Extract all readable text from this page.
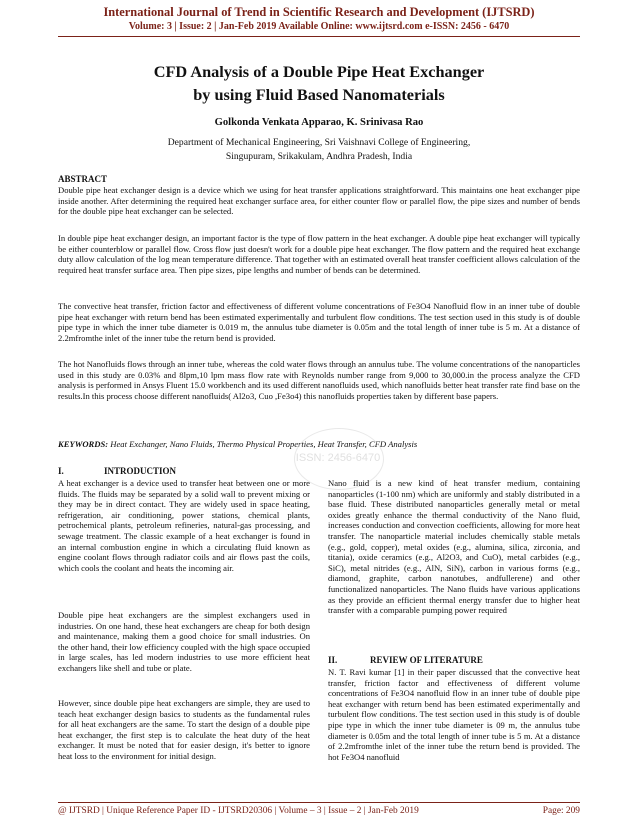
International Journal of Trend in Scientific Research and Development (IJTSRD)
Volume: 3 | Issue: 2 | Jan-Feb 2019 Available Online: www.ijtsrd.com e-ISSN: 2456 - 6470
CFD Analysis of a Double Pipe Heat Exchanger
by using Fluid Based Nanomaterials
Golkonda Venkata Apparao, K. Srinivasa Rao
Department of Mechanical Engineering, Sri Vaishnavi College of Engineering,
Singupuram, Srikakulam, Andhra Pradesh, India
ABSTRACT

Double pipe heat exchanger design is a device which we using for heat transfer applications straightforward. This maintains one heat exchanger pipe inside another. After determining the required heat exchanger surface area, for either counter flow or parallel flow, the pipe sizes and number of bends for the double pipe heat exchanger can be selected.

In double pipe heat exchanger design, an important factor is the type of flow pattern in the heat exchanger. A double pipe heat exchanger will typically be either counterblow or parallel flow. Cross flow just doesn't work for a double pipe heat exchanger. The flow pattern and the required heat exchange duty allow calculation of the log mean temperature difference. That together with an estimated overall heat transfer coefficient allows calculation of the required heat transfer surface area. Then pipe sizes, pipe lengths and number of bends can be determined.

The convective heat transfer, friction factor and effectiveness of different volume concentrations of Fe3O4 Nanofluid flow in an inner tube of double pipe heat exchanger with return bend has been estimated experimentally and turbulent flow conditions. The test section used in this study is of double pipe type in which the inner tube diameter is 0.019 m, the annulus tube diameter is 0.05m and the total length of inner tube is 5 m. At a distance of 2.2mfromthe inlet of the inner tube the return bend is provided.

The hot Nanofluids flows through an inner tube, whereas the cold water flows through an annulus tube. The volume concentrations of the nanoparticles used in this study are 0.03% and 8lpm,10 lpm mass flow rate with Reynolds number range from 9,000 to 30,000.in the process analyze the CFD analysis is performed in Ansys Fluent 15.0 workbench and its used different nanofluids used, which nanofluids better heat transfer rate find base on the results.In this process choose different nanofluids( Al2o3, Cuo ,Fe3o4) this nanofluids properties taken by different base papers.

KEYWORDS: Heat Exchanger, Nano Fluids, Thermo Physical Properties, Heat Transfer, CFD Analysis
ISSN: 2456-6470
I.	INTRODUCTION

A heat exchanger is a device used to transfer heat between one or more fluids. The fluids may be separated by a solid wall to prevent mixing or they may be in direct contact. They are widely used in space heating, refrigeration, air conditioning, power stations, chemical plants, petrochemical plants, petroleum refineries, natural-gas processing, and sewage treatment. The classic example of a heat exchanger is found in an internal combustion engine in which a circulating fluid known as engine coolant flows through radiator coils and air flows past the coils, which cools the coolant and heats the incoming air.

Double pipe heat exchangers are the simplest exchangers used in industries. On one hand, these heat exchangers are cheap for both design and maintenance, making them a good choice for small industries. On the other hand, their low efficiency coupled with the high space occupied in large scales, has led modern industries to use more efficient heat exchangers like shell and tube or plate.

However, since double pipe heat exchangers are simple, they are used to teach heat exchanger design basics to students as the fundamental rules for all heat exchangers are the same. To start the design of a double pipe heat exchanger, the first step is to calculate the heat duty of the heat exchanger. It must be noted that for easier design, it's better to ignore heat loss to the environment for initial design.

Nano fluid is a new kind of heat transfer medium, containing nanoparticles (1-100 nm) which are uniformly and stably distributed in a base fluid. These distributed nanoparticles generally metal or metal oxides greatly enhance the thermal conductivity of the Nano fluid, increases conduction and convection coefficients, allowing for more heat transfer. The nanoparticle material includes chemically stable metals (e.g., gold, copper), metal oxides (e.g., alumina, silica, zirconia, and titania), oxide ceramics (e.g., Al2O3, and CuO), metal carbides (e.g., SiC), metal nitrides (e.g., AlN, SiN), carbon in various forms (e.g., diamond, graphite, carbon nanotubes, andfullerene) and other functionalized nanoparticles. The Nano fluids have various applications as they provide an efficient thermal energy transfer due to higher heat transfer with a comparable pumping power required

II.	REVIEW OF LITERATURE

N. T. Ravi kumar [1] in their paper discussed that the convective heat transfer, friction factor and effectiveness of different volume concentrations of Fe3O4 nanofluid flow in an inner tube of double pipe heat exchanger with return bend has been estimated experimentally and turbulent flow conditions. The test section used in this study is of double pipe type in which the inner tube diameter is 09 m, the annulus tube diameter is 0.05m and the total length of inner tube is 5 m. At a distance of 2.2mfromthe inlet of the inner tube the return bend is provided. The hot Fe3O4 nanofluid

@ IJTSRD | Unique Reference Paper ID - IJTSRD20306 | Volume – 3 | Issue – 2 | Jan-Feb 2019	Page: 209
